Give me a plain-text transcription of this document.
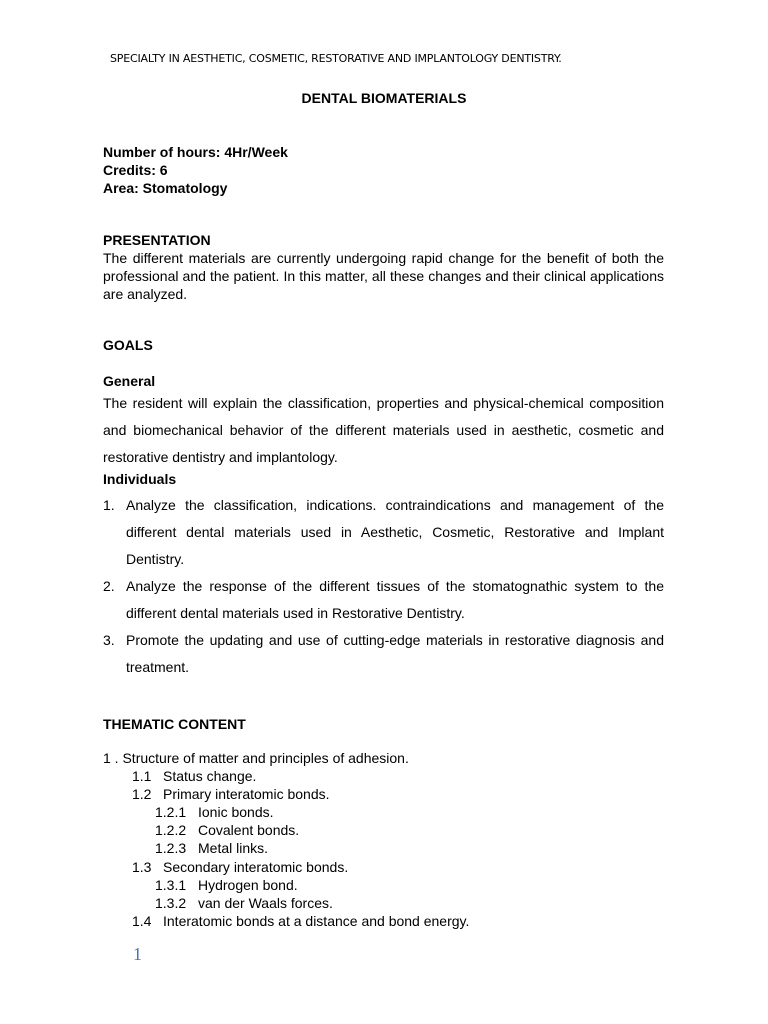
SPECIALTY IN AESTHETIC, COSMETIC, RESTORATIVE AND IMPLANTOLOGY DENTISTRY.
DENTAL BIOMATERIALS
Number of hours: 4Hr/Week
Credits: 6
Area: Stomatology
PRESENTATION
The different materials are currently undergoing rapid change for the benefit of both the professional and the patient. In this matter, all these changes and their clinical applications are analyzed.
GOALS
General
The resident will explain the classification, properties and physical-chemical composition and biomechanical behavior of the different materials used in aesthetic, cosmetic and restorative dentistry and implantology.
Individuals
1. Analyze the classification, indications. contraindications and management of the different dental materials used in Aesthetic, Cosmetic, Restorative and Implant Dentistry.
2. Analyze the response of the different tissues of the stomatognathic system to the different dental materials used in Restorative Dentistry.
3. Promote the updating and use of cutting-edge materials in restorative diagnosis and treatment.
THEMATIC CONTENT
1 . Structure of matter and principles of adhesion.
1.1 Status change.
1.2 Primary interatomic bonds.
1.2.1 Ionic bonds.
1.2.2 Covalent bonds.
1.2.3 Metal links.
1.3 Secondary interatomic bonds.
1.3.1 Hydrogen bond.
1.3.2 van der Waals forces.
1.4 Interatomic bonds at a distance and bond energy.
1
